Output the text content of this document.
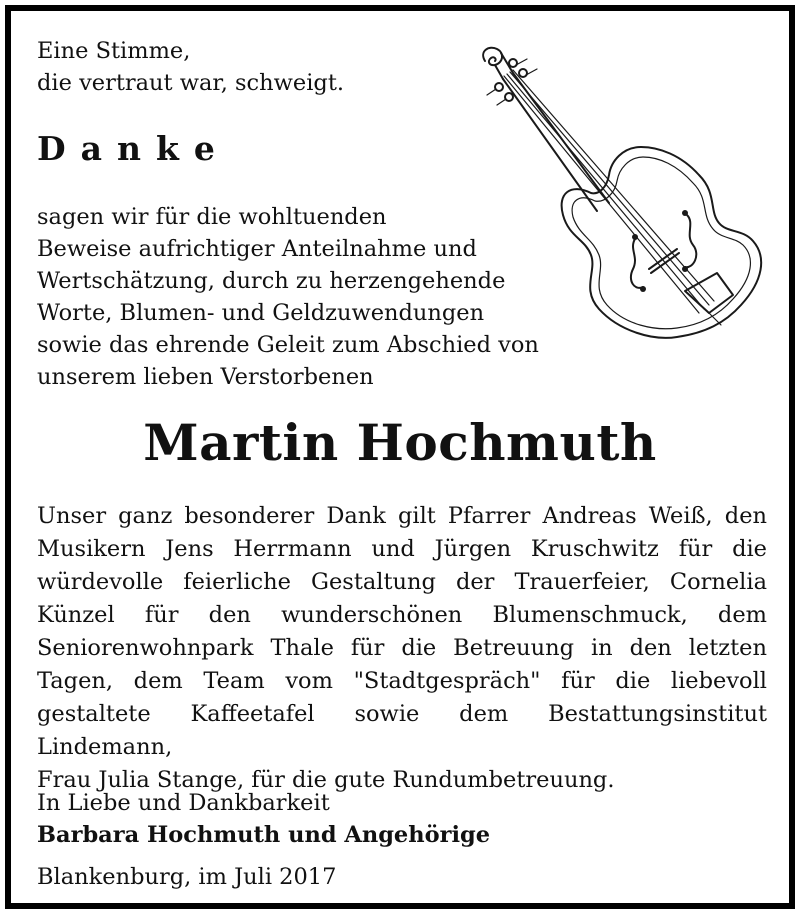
Eine Stimme,
die vertraut war, schweigt.
Danke
sagen wir für die wohltuenden
Beweise aufrichtiger Anteilnahme und
Wertschätzung, durch zu herzengehende
Worte, Blumen- und Geldzuwendungen
sowie das ehrende Geleit zum Abschied von
unserem lieben Verstorbenen
Martin Hochmuth
Unser ganz besonderer Dank gilt Pfarrer Andreas Weiß, den
Musikern Jens Herrmann und Jürgen Kruschwitz für die
würdevolle feierliche Gestaltung der Trauerfeier, Cornelia
Künzel für den wunderschönen Blumenschmuck, dem
Seniorenwohnpark Thale für die Betreuung in den letzten
Tagen, dem Team vom "Stadtgespräch" für die liebevoll
gestaltete Kaffeetafel sowie dem Bestattungsinstitut Lindemann,
Frau Julia Stange, für die gute Rundumbetreuung.
In Liebe und Dankbarkeit
Barbara Hochmuth und Angehörige
Blankenburg, im Juli 2017
